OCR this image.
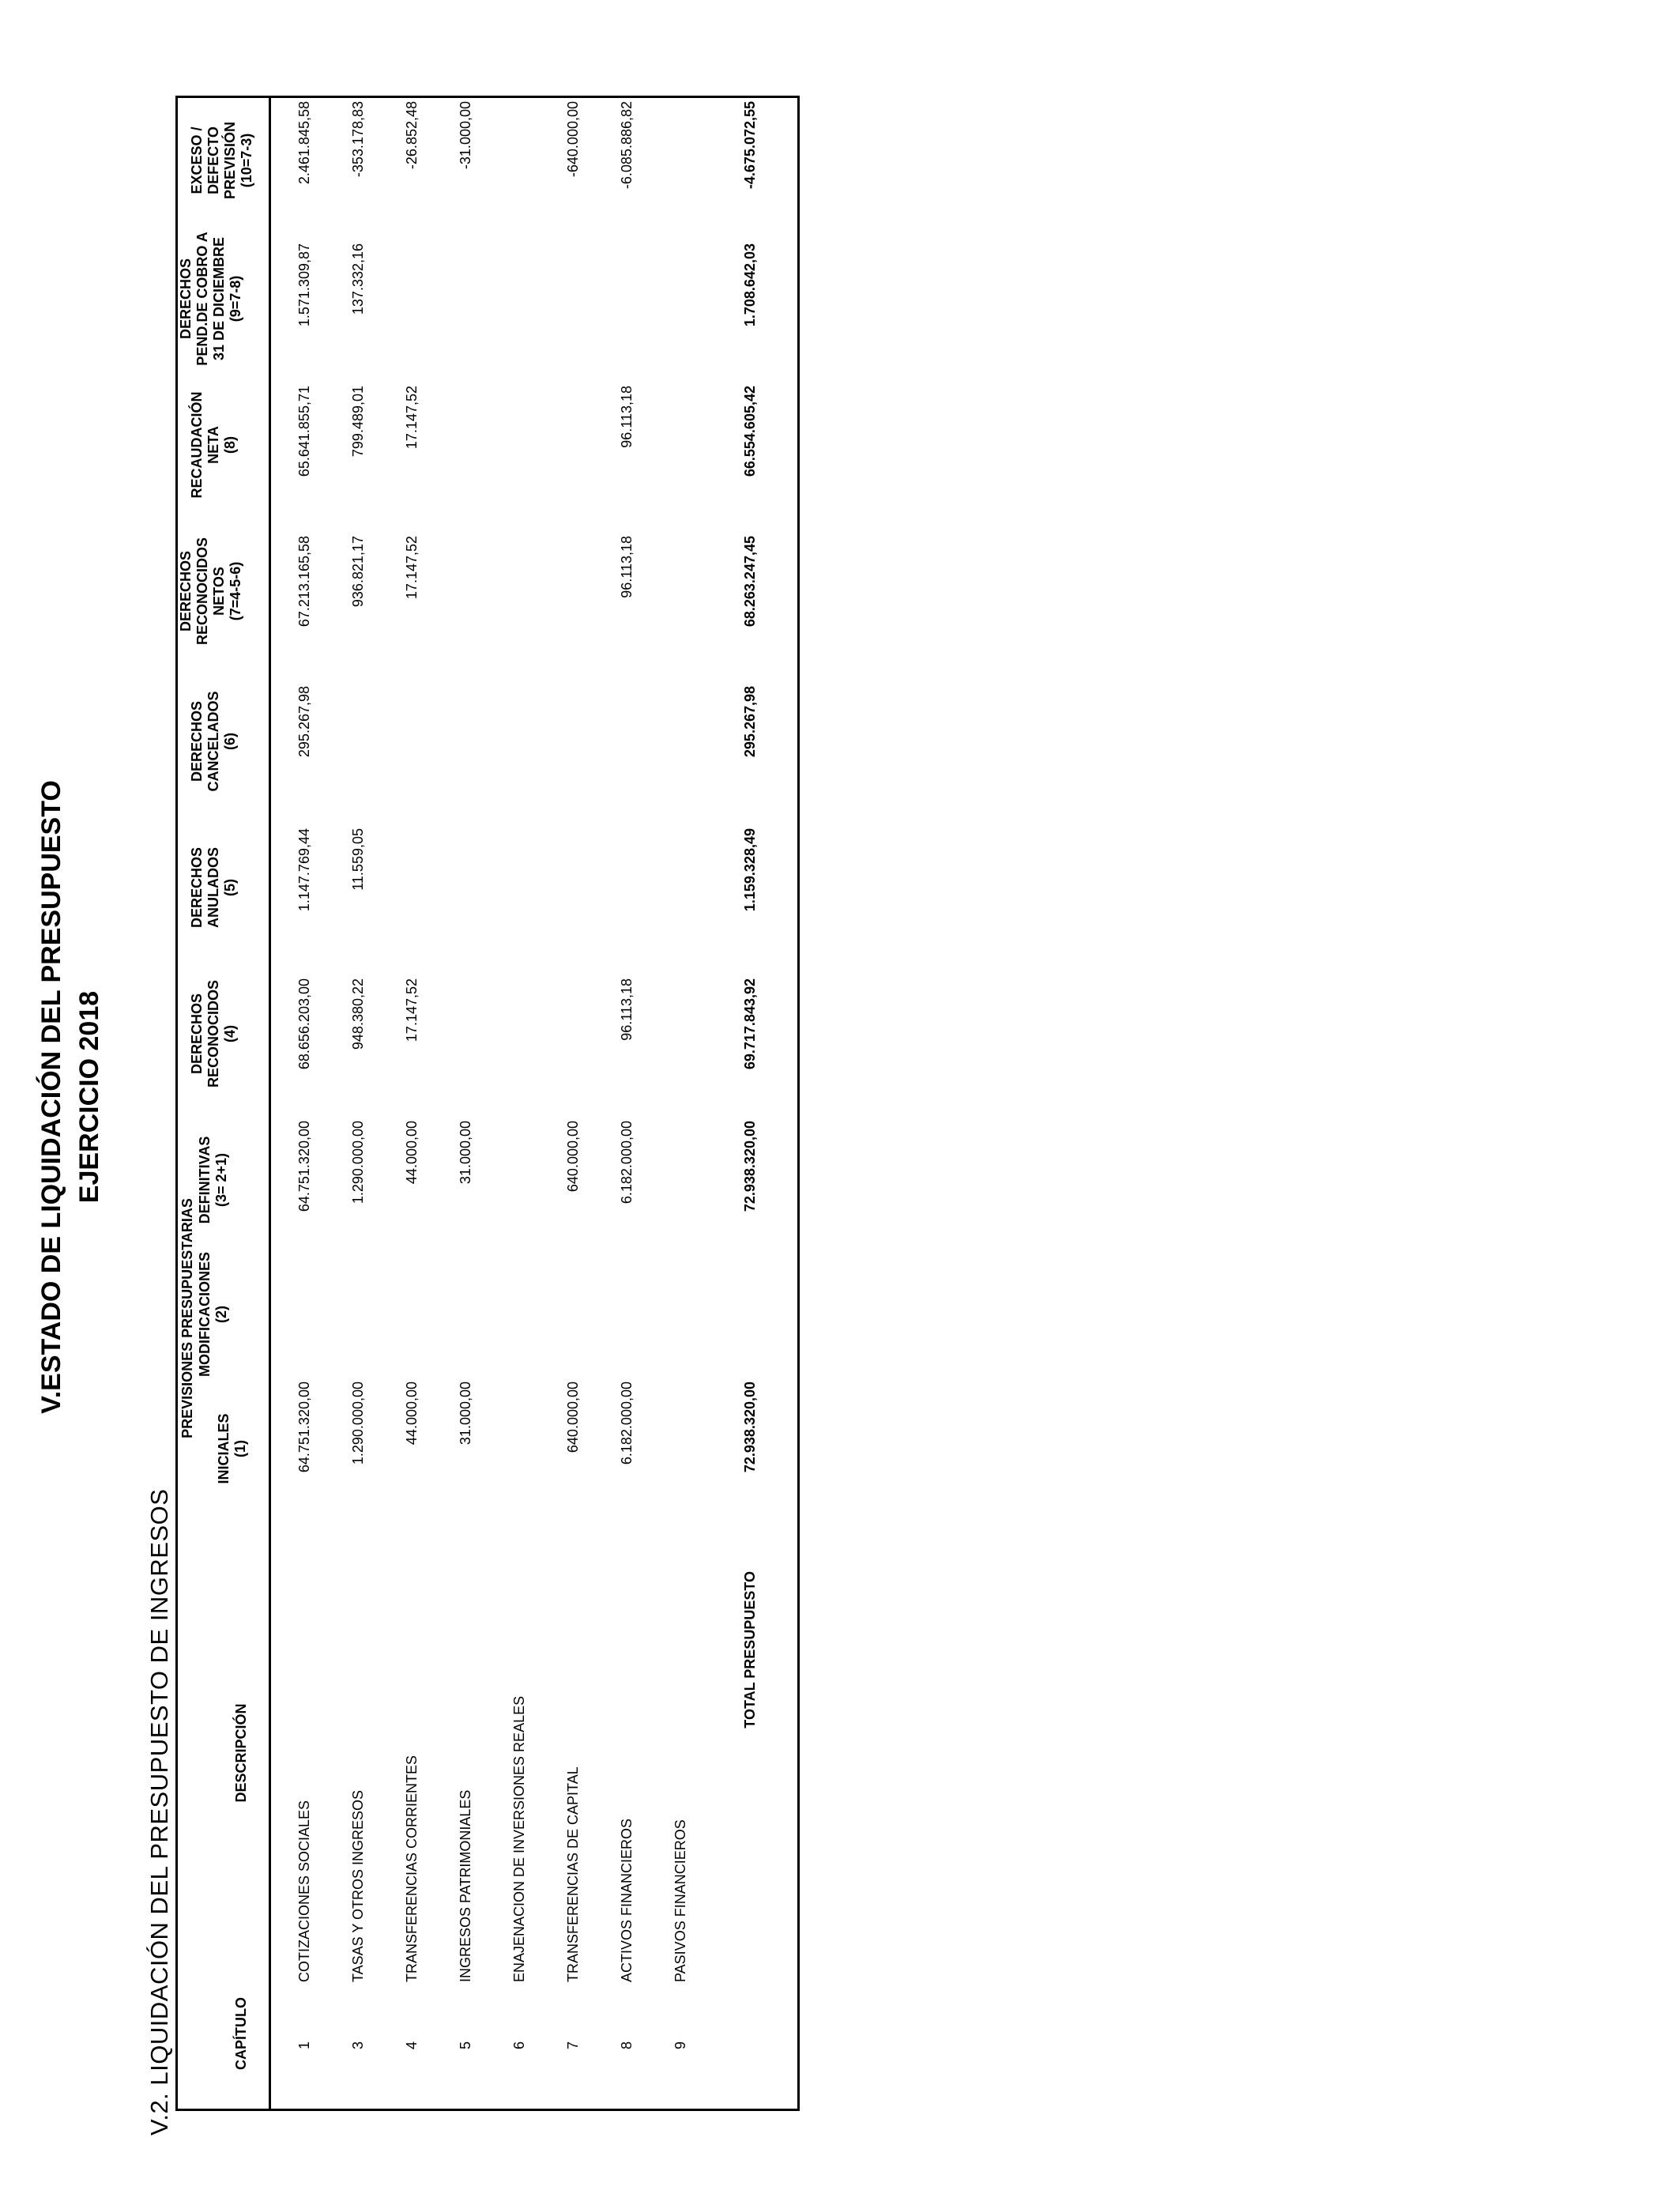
V.ESTADO DE LIQUIDACIÓN DEL PRESUPUESTO EJERCICIO 2018
V.2. LIQUIDACIÓN DEL PRESUPUESTO DE INGRESOS	CAPÍTULO
DESCRIPCIÓN
PREVISIONES PRESUPUESTARIAS
INICIALES (1)
MODIFICACIONES (2)
DEFINITIVAS (3= 2+1)
DERECHOS RECONOCIDOS (4)
DERECHOS ANULADOS (5)
DERECHOS CANCELADOS (6)
DERECHOS RECONOCIDOS NETOS (7=4-5-6)
RECAUDACIÓN NETA (8)
DERECHOS PEND.DE COBRO A 31 DE DICIEMBRE (9=7-8)
EXCESO / DEFECTO PREVISIÓN (10=7-3)
1
COTIZACIONES SOCIALES
64.751.320,00
64.751.320,00
68.656.203,00
1.147.769,44
295.267,98
67.213.165,58
65.641.855,71
1.571.309,87
2.461.845,58
3
TASAS Y OTROS INGRESOS
1.290.000,00
1.290.000,00
948.380,22
11.559,05
936.821,17
799.489,01
137.332,16
-353.178,83
4
TRANSFERENCIAS CORRIENTES
44.000,00
44.000,00
17.147,52
17.147,52
17.147,52
-26.852,48
5
INGRESOS PATRIMONIALES
31.000,00
31.000,00
-31.000,00
6
ENAJENACION DE INVERSIONES REALES
7
TRANSFERENCIAS DE CAPITAL
640.000,00
640.000,00
-640.000,00
8
ACTIVOS FINANCIEROS
6.182.000,00
6.182.000,00
96.113,18
96.113,18
96.113,18
-6.085.886,82
9
PASIVOS FINANCIEROS
TOTAL PRESUPUESTO
72.938.320,00
72.938.320,00
69.717.843,92
1.159.328,49
295.267,98
68.263.247,45
66.554.605,42
1.708.642,03
-4.675.072,55
